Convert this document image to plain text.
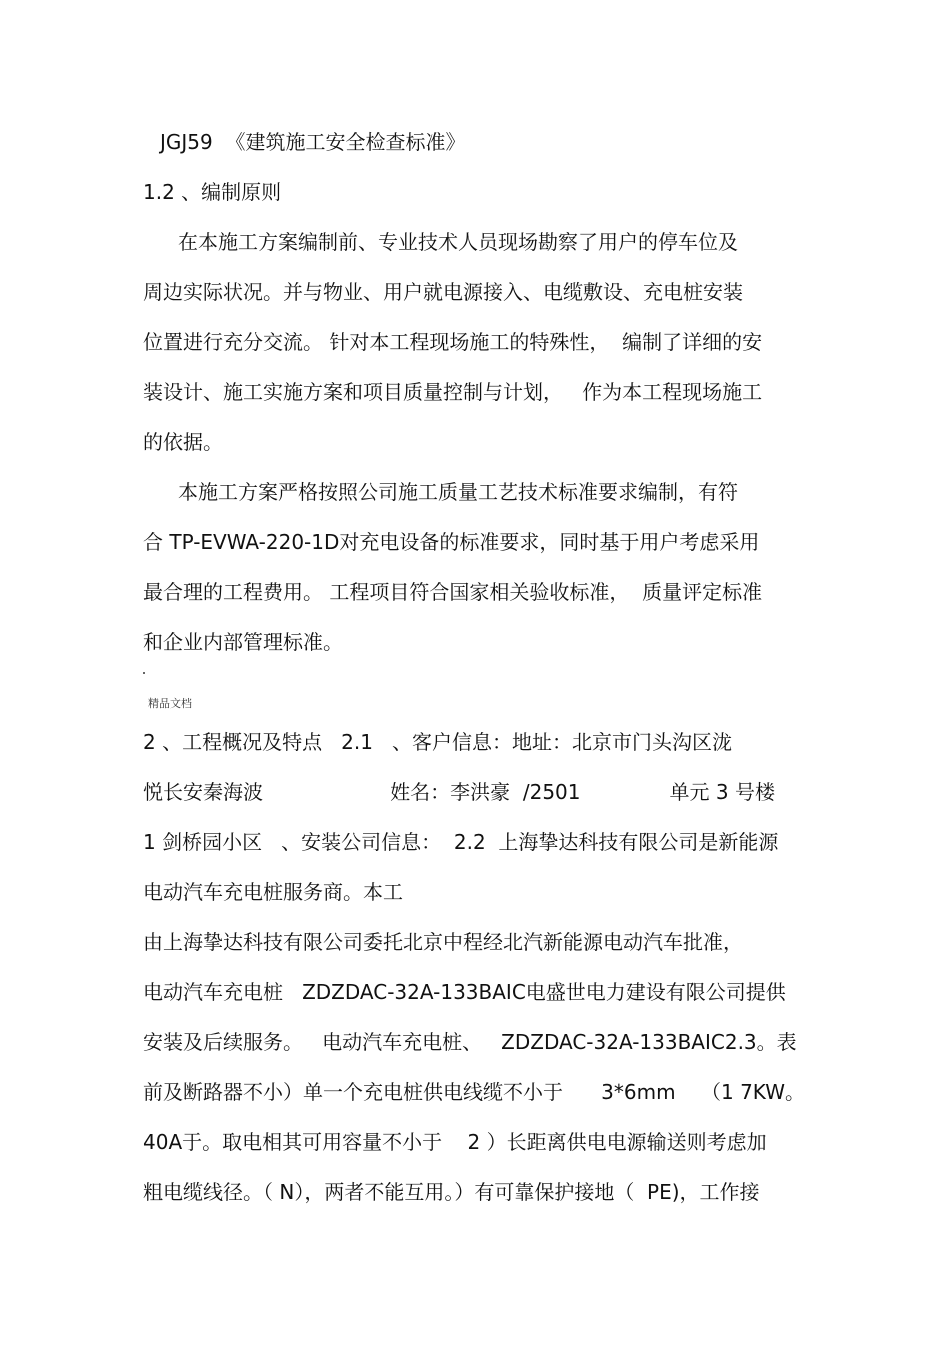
JGJ59  《建筑施工安全检查标准》
1.2 、编制原则
在本施工方案编制前、专业技术人员现场勘察了用户的停车位及
周边实际状况。并与物业、用户就电源接入、电缆敷设、充电桩安装
位置进行充分交流。 针对本工程现场施工的特殊性，  编制了详细的安
装设计、施工实施方案和项目质量控制与计划，   作为本工程现场施工
的依据。
本施工方案严格按照公司施工质量工艺技术标准要求编制，有符
合 TP-EVWA-220-1D对充电设备的标准要求，同时基于用户考虑采用
最合理的工程费用。 工程项目符合国家相关验收标准，  质量评定标准
和企业内部管理标准。
精品文档
2 、工程概况及特点   2.1   、客户信息：地址：北京市门头沟区泷
悦长安秦海波                    姓名：李洪豪  /2501              单元 3 号楼
1 剑桥园小区   、安装公司信息：  2.2  上海挚达科技有限公司是新能源
电动汽车充电桩服务商。本工
由上海挚达科技有限公司委托北京中程经北汽新能源电动汽车批准，
电动汽车充电桩   ZDZDAC-32A-133BAIC电盛世电力建设有限公司提供
安装及后续服务。   电动汽车充电桩、   ZDZDAC-32A-133BAIC2.3。表
前及断路器不小）单一个充电桩供电线缆不小于      3*6mm    （1 7KW。
40A于。取电相其可用容量不小于    2 ）长距离供电电源输送则考虑加
粗电缆线径。（ N），两者不能互用。）有可靠保护接地（  PE)，工作接
